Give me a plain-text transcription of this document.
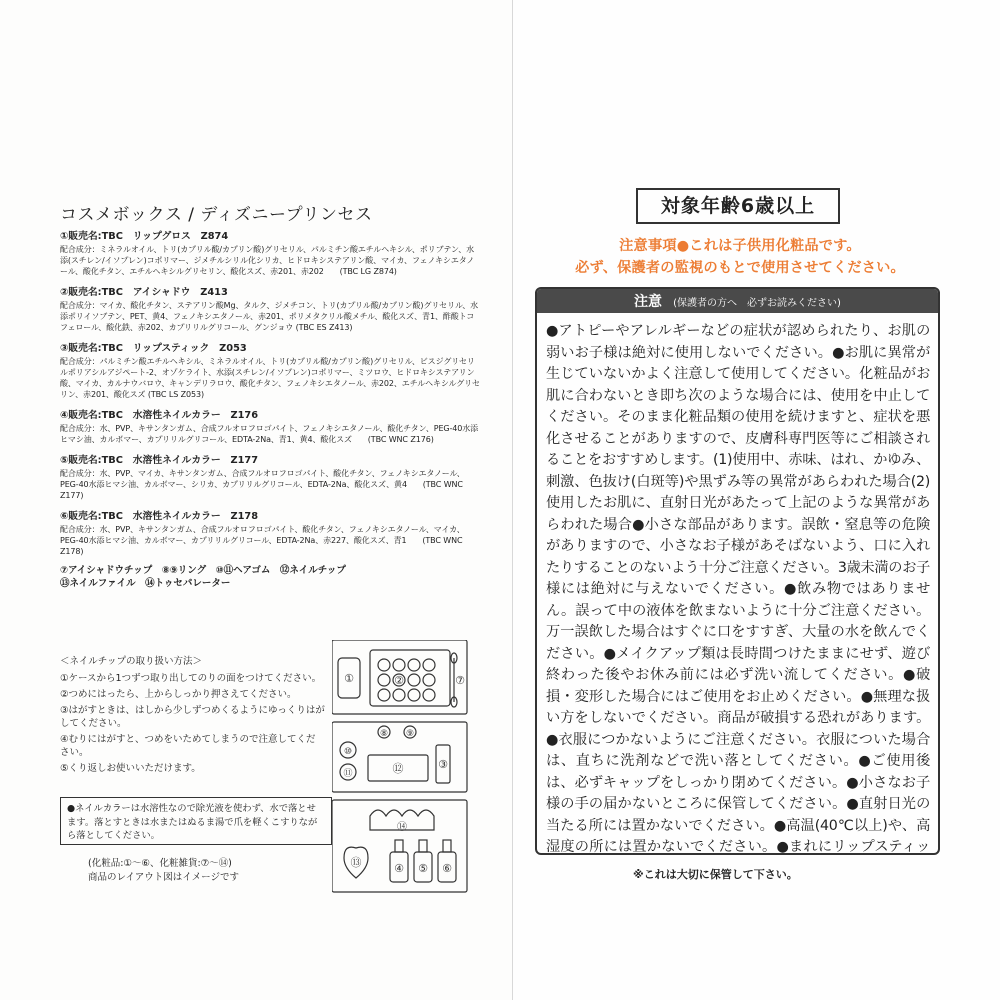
コスメボックス / ディズニープリンセス
①販売名:TBC　リップグロス　Z874
配合成分：ミネラルオイル、トリ(カプリル酸/カプリン酸)グリセリル、パルミチン酸エチルヘキシル、ポリブテン、水添(スチレン/イソプレン)コポリマー、ジメチルシリル化シリカ、ヒドロキシステアリン酸、マイカ、フェノキシエタノール、酸化チタン、エチルヘキシルグリセリン、酸化スズ、赤201、赤202　　(TBC LG Z874)
②販売名:TBC　アイシャドウ　Z413
配合成分：マイカ、酸化チタン、ステアリン酸Mg、タルク、ジメチコン、トリ(カプリル酸/カプリン酸)グリセリル、水添ポリイソブテン、PET、黄4、フェノキシエタノール、赤201、ポリメタクリル酸メチル、酸化スズ、青1、酢酸トコフェロール、酸化鉄、赤202、カプリリルグリコール、グンジョウ (TBC ES Z413)
③販売名:TBC　リップスティック　Z053
配合成分：パルミチン酸エチルヘキシル、ミネラルオイル、トリ(カプリル酸/カプリン酸)グリセリル、ビスジグリセリルポリアシルアジペート-2、オゾケライト、水添(スチレン/イソプレン)コポリマー、ミツロウ、ヒドロキシステアリン酸、マイカ、カルナウバロウ、キャンデリラロウ、酸化チタン、フェノキシエタノール、赤202、エチルヘキシルグリセリン、赤201、酸化スズ (TBC LS Z053)
④販売名:TBC　水溶性ネイルカラー　Z176
配合成分：水、PVP、キサンタンガム、合成フルオロフロゴパイト、フェノキシエタノール、酸化チタン、PEG-40水添ヒマシ油、カルボマー、カプリリルグリコール、EDTA-2Na、青1、黄4、酸化スズ　　(TBC WNC Z176)
⑤販売名:TBC　水溶性ネイルカラー　Z177
配合成分：水、PVP、マイカ、キサンタンガム、合成フルオロフロゴパイト、酸化チタン、フェノキシエタノール、PEG-40水添ヒマシ油、カルボマー、シリカ、カプリリルグリコール、EDTA-2Na、酸化スズ、黄4　　(TBC WNC Z177)
⑥販売名:TBC　水溶性ネイルカラー　Z178
配合成分：水、PVP、キサンタンガム、合成フルオロフロゴパイト、酸化チタン、フェノキシエタノール、マイカ、PEG-40水添ヒマシ油、カルボマー、カプリリルグリコール、EDTA-2Na、赤227、酸化スズ、青1　　(TBC WNC Z178)
⑦アイシャドウチップ　⑧⑨リング　⑩⑪ヘアゴム　⑫ネイルチップ
⑬ネイルファイル　⑭トゥセパレーター
＜ネイルチップの取り扱い方法＞
①ケースから1つずつ取り出してのりの面をつけてください。
②つめにはったら、上からしっかり押さえてください。
③はがすときは、はしから少しずつめくるようにゆっくりはがしてください。
④むりにはがすと、つめをいためてしまうので注意してください。
⑤くり返しお使いいただけます。
●ネイルカラーは水溶性なので除光液を使わず、水で落とせます。落とすときは水またはぬるま湯で爪を軽くこすりながら落としてください。
(化粧品:①〜⑥、化粧雑貨:⑦〜⑭)
商品のレイアウト図はイメージです
①	②	⑦
⑧ ⑨
⑩
⑪	⑫	③
⑭
⑬	④ ⑤ ⑥
対象年齢6歳以上
注意事項●これは子供用化粧品です。
必ず、保護者の監視のもとで使用させてください。
注意 (保護者の方へ　必ずお読みください)
●アトピーやアレルギーなどの症状が認められたり、お肌の弱いお子様は絶対に使用しないでください。●お肌に異常が生じていないかよく注意して使用してください。化粧品がお肌に合わないとき即ち次のような場合には、使用を中止してください。そのまま化粧品類の使用を続けますと、症状を悪化させることがありますので、皮膚科専門医等にご相談されることをおすすめします。(1)使用中、赤味、はれ、かゆみ、刺激、色抜け(白斑等)や黒ずみ等の異常があらわれた場合(2)使用したお肌に、直射日光があたって上記のような異常があらわれた場合●小さな部品があります。誤飲・窒息等の危険がありますので、小さなお子様があそばないよう、口に入れたりすることのないよう十分ご注意ください。3歳未満のお子様には絶対に与えないでください。●飲み物ではありません。誤って中の液体を飲まないように十分ご注意ください。万一誤飲した場合はすぐに口をすすぎ、大量の水を飲んでください。●メイクアップ類は長時間つけたままにせず、遊び終わった後やお休み前には必ず洗い流してください。●破損・変形した場合にはご使用をお止めください。●無理な扱い方をしないでください。商品が破損する恐れがあります。●衣服につかないようにご注意ください。衣服についた場合は、直ちに洗剤などで洗い落としてください。●ご使用後は、必ずキャップをしっかり閉めてください。●小さなお子様の手の届かないところに保管してください。●直射日光の当たる所には置かないでください。●高温(40℃以上)や、高湿度の所には置かないでください。●まれにリップスティッ
※これは大切に保管して下さい。
